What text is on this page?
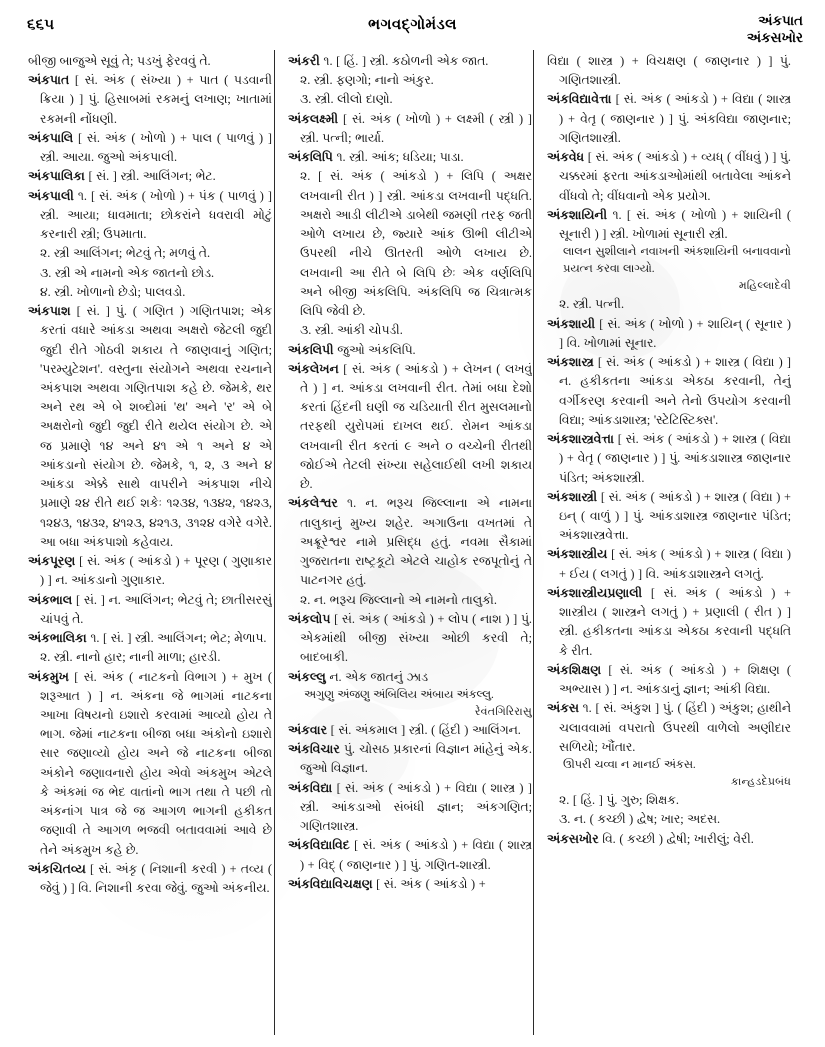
૬૬૫	ભગવદ્ગોમંડલ	અંકપાત
અંકસખોર

બીજી બાજુએ સૂવું તે; પડખું ફેરવવું તે.

અંકપાત [ સં. અંક ( સંખ્યા ) + પાત ( પડવાની ક્રિયા ) ] પું. હિસાબમાં રકમનું લખાણ; ખાતામાં રકમની નોંધણી.

અંકપાલિ [ સં. અંક ( ખોળો ) + પાલ ( પાળવું ) ] સ્ત્રી. આયા. જુઓ અંકપાલી.

અંકપાલિકા [ સં. ] સ્ત્રી. આલિંગન; ભેટ.

અંકપાલી ૧. [ સં. અંક ( ખોળો ) + પંક ( પાળવું ) ] સ્ત્રી. આયા; ધાવમાતા; છોકરાંને ધવરાવી મોટું કરનારી સ્ત્રી; ઉપમાતા.

૨. સ્ત્રી આલિંગન; ભેટવું તે; મળવું તે.

૩. સ્ત્રી એ નામનો એક જાતનો છોડ.

૪. સ્ત્રી. ખોળાનો છેડો; પાલવડો.

અંકપાશ [ સં. ] પું. ( ગણિત ) ગણિતપાશ; એક કરતાં વધારે આંકડા અથવા અક્ષરો જેટલી જુદી જુદી રીતે ગોઠવી શકાય તે જાણવાનું ગણિત; 'પરમ્યુટેશન'. વસ્તુના સંયોગને અથવા રચનાને અંકપાશ અથવા ગણિતપાશ કહે છે. જેમકે, થર અને રથ એ બે શબ્દોમાં 'થ' અને 'ર' એ બે અક્ષરોનો જુદી જુદી રીતે થયેલ સંયોગ છે. એ જ પ્રમાણે ૧૪ અને ૪૧ એ ૧ અને ૪ એ આંકડાનો સંયોગ છે. જેમકે, ૧, ૨, ૩ અને ૪ આંકડા એક્કે સાથે વાપરીને અંકપાશ નીચે પ્રમાણે ૨૪ રીતે થઈ શકેઃ ૧૨૩૪, ૧૩૪૨, ૧૪૨૩, ૧૨૪૩, ૧૪૩૨, ૪૧૨૩, ૪૨૧૩, ૩૧૨૪ વગેરે વગેરે. આ બધા અંકપાશો કહેવાય.

અંકપૂરણ [ સં. અંક ( આંકડો ) + પૂરણ ( ગુણાકાર ) ] ન. આંકડાનો ગુણાકાર.

અંકભાલ [ સં. ] ન. આલિંગન; ભેટવું તે; છાતીસરસું ચાંપવું તે.

અંકભાલિકા ૧. [ સં. ] સ્ત્રી. આલિંગન; ભેટ; મેળાપ.

૨. સ્ત્રી. નાનો હાર; નાની માળા; હારડી.

અંકમુખ [ સં. અંક ( નાટકનો વિભાગ ) + મુખ ( શરૂઆત ) ] ન. અંકના જે ભાગમાં નાટકના આખા વિષયનો ઇશારો કરવામાં આવ્યો હોય તે ભાગ. જેમાં નાટકના બીજા બધા અંકોનો ઇશારો સાર જણાવ્યો હોય અને જે નાટકના બીજા અંકોને જણાવનારો હોય એવો અંકમુખ એટલે કે અંકમાં જ ભેદ વાતાંનો ભાગ તથા તે પછી તો અંકનાંગ પાત્ર જે જ આગળ ભાગની હકીકત જણાવી તે આગળ ભજવી બતાવવામાં આવે છે તેને અંકમુખ કહે છે.

અંકચિતવ્ય [ સં. અંકૃ ( નિશાની કરવી ) + તવ્ય ( જેવું ) ] વિ. નિશાની કરવા જેવું. જુઓ અંકનીય.

અંકરી ૧. [ હિં. ] સ્ત્રી. કઠોળની એક જાત.

૨. સ્ત્રી. ફણગો; નાનો અંકુર.

૩. સ્ત્રી. લીલો દાણો.

અંકલક્ષ્મી [ સં. અંક ( ખોળો ) + લક્ષ્મી ( સ્ત્રી ) ] સ્ત્રી. પત્ની; ભાર્યા.

અંકલિપિ ૧. સ્ત્રી. આંક; ધડિયા; પાડા.

૨. [ સં. અંક ( આંકડો ) + લિપિ ( અક્ષર લખવાની રીત ) ] સ્ત્રી. આંકડા લખવાની પદ્ધતિ. અક્ષરો આડી લીટીએ ડાબેથી જમણી તરફ જતી ઓળે લખાય છે, જ્યારે આંક ઊભી લીટીએ ઉપરથી નીચે ઊતરતી ઓળે લખાય છે. લખવાની આ રીતે બે લિપિ છેઃ એક વર્ણલિપિ અને બીજી અંકલિપિ. અંકલિપિ જ ચિત્રાત્મક લિપિ જેવી છે.

૩. સ્ત્રી. આંકી ચોપડી.

અંકલિપી જુઓ અંકલિપિ.

અંકલેખન [ સં. અંક ( આંકડો ) + લેખન ( લખવું તે ) ] ન. આંકડા લખવાની રીત. તેમાં બધા દેશો કરતાં હિંદની ઘણી જ ચડિયાતી રીત મુસલમાનો તરફથી યુરોપમાં દાખલ થઈ. રોમન આંકડા લખવાની રીત કરતાં ૯ અને ૦ વચ્ચેની રીતથી જોઈએ તેટલી સંખ્યા સહેલાઈથી લખી શકાય છે.

અંકલેશ્વર ૧. ન. ભરૂચ જિલ્લાના એ નામના તાલુકાનું મુખ્ય શહેર. અગાઉના વખતમાં તે અક્રૂરેશ્વર નામે પ્રસિદ્ધ હતું. નવમા સૈકામાં ગુજરાતના રાષ્ટ્રકૂટો એટલે ચાહોક રજપૂતોનું તે પાટનગર હતું.

૨. ન. ભરૂચ જિલ્લાનો એ નામનો તાલુકો.

અંકલોપ [ સં. અંક ( આંકડો ) + લોપ ( નાશ ) ] પું. એકમાંથી બીજી સંખ્યા ઓછી કરવી તે; બાદબાકી.

અંકલ્લુ ન. એક જાતનું ઝાડ

અગુણુ અંજણુ અંબિલિય અંબાય અંકલ્લુ.
રેવંતગિરિરાસુ

અંકવાર [ સં. અંકમાલ ] સ્ત્રી. ( હિંદી ) આલિંગન.

અંકવિચાર પું. ચોસઠ પ્રકારનાં વિજ્ઞાન માંહેનું એક. જુઓ વિજ્ઞાન.

અંકવિદ્યા [ સં. અંક ( આંકડો ) + વિદ્યા ( શાસ્ત્ર ) ] સ્ત્રી. આંકડાઓ સંબંધી જ્ઞાન; અંકગણિત; ગણિતશાસ્ત્ર.

અંકવિદ્યાવિદ [ સં. અંક ( આંકડો ) + વિદ્યા ( શાસ્ત્ર ) + વિદ્ ( જાણનાર ) ] પું. ગણિત-શાસ્ત્રી.

અંકવિદ્યાવિચક્ષણ [ સં. અંક ( આંકડો ) +

વિદ્યા ( શાસ્ત્ર ) + વિચક્ષણ ( જાણનાર ) ] પું. ગણિતશાસ્ત્રી.

અંકવિદ્યાવેત્તા [ સં. અંક ( આંકડો ) + વિદ્યા ( શાસ્ત્ર ) + વેતૃ ( જાણનાર ) ] પું. અંકવિદ્યા જાણનાર; ગણિતશાસ્ત્રી.

અંકવેધ [ સં. અંક ( આંકડો ) + વ્યધ્ ( વીંધવું ) ] પું. ચક્કરમાં ફરતા આંકડાઓમાંથી બતાવેલા આંકને વીંધવો તે; વીંધવાનો એક પ્રયોગ.

અંકશાયિની ૧. [ સં. અંક ( ખોળો ) + શાયિની ( સૂનારી ) ] સ્ત્રી. ખોળામાં સૂનારી સ્ત્રી.

લાલન સુશીલાને નવાખની અંકશાયિની બનાવવાનો પ્રયત્ન કરવા લાગ્યો.
મહિલ્લાદેવી

૨. સ્ત્રી. પત્ની.

અંકશાયી [ સં. અંક ( ખોળો ) + શાયિન્ ( સૂનાર ) ] વિ. ખોળામાં સૂનાર.

અંકશાસ્ત્ર [ સં. અંક ( આંકડો ) + શાસ્ત્ર ( વિદ્યા ) ] ન. હકીકતના આંકડા એકઠા કરવાની, તેનું વર્ગીકરણ કરવાની અને તેનો ઉપયોગ કરવાની વિદ્યા; આંકડાશાસ્ત્ર; 'સ્ટેટિસ્ટિક્સ'.

અંકશાસ્ત્રવેત્તા [ સં. અંક ( આંકડો ) + શાસ્ત્ર ( વિદ્યા ) + વેતૃ ( જાણનાર ) ] પું. આંકડાશાસ્ત્ર જાણનાર પંડિત; અંકશાસ્ત્રી.

અંકશાસ્ત્રી [ સં. અંક ( આંકડો ) + શાસ્ત્ર ( વિદ્યા ) + ઇન્ ( વાળું ) ] પું. આંકડાશાસ્ત્ર જાણનાર પંડિત; અંકશાસ્ત્રવેત્તા.

અંકશાસ્ત્રીય [ સં. અંક ( આંકડો ) + શાસ્ત્ર ( વિદ્યા ) + ઈય ( લગતું ) ] વિ. આંકડાશાસ્ત્રને લગતું.

અંકશાસ્ત્રીયપ્રણાલી [ સં. અંક ( આંકડો ) + શાસ્ત્રીય ( શાસ્ત્રને લગતું ) + પ્રણાલી ( રીત ) ] સ્ત્રી. હકીકતના આંકડા એકઠા કરવાની પદ્ધતિ કે રીત.

અંકશિક્ષણ [ સં. અંક ( આંકડો ) + શિક્ષણ ( અભ્યાસ ) ] ન. આંકડાનું જ્ઞાન; આંકી વિદ્યા.

અંકસ ૧. [ સં. અંકુશ ] પું. ( હિંદી ) અંકુશ; હાથીને ચલાવવામાં વપરાતો ઉપરથી વાળેલો અણીદાર સળિયો; ખૌંતાર.

ઊપરી ચવ્વા ન માનઈ અંકસ.
કાન્હડદેપ્રબંધ

૨. [ હિં. ] પું. ગુરુ; શિક્ષક.

૩. ન. ( કચ્છી ) દ્વેષ; ખાર; અદસ.

અંકસખોર વિ. ( કચ્છી ) દ્વેષી; ખારીલું; વેરી.
